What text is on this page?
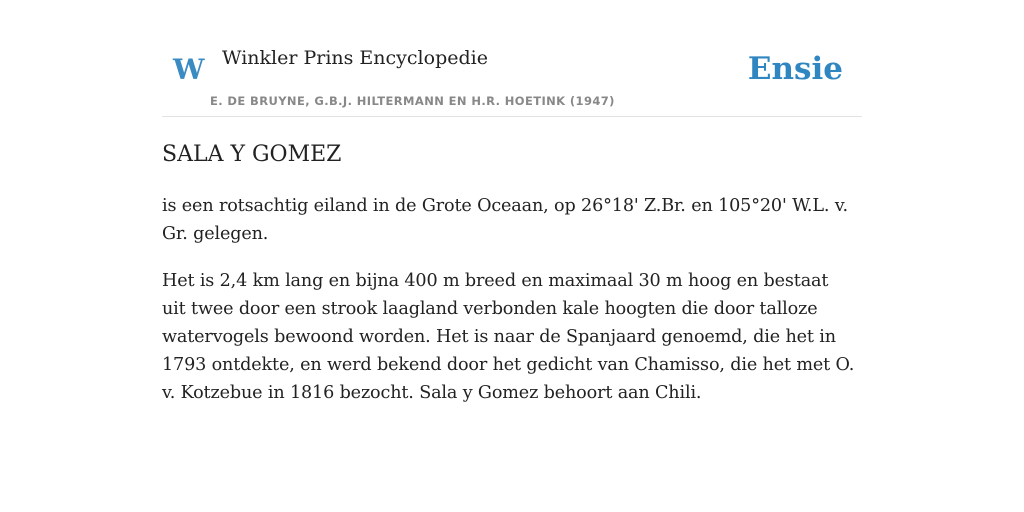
W Winkler Prins Encyclopedie
E. DE BRUYNE, G.B.J. HILTERMANN EN H.R. HOETINK (1947)
Ensie
SALA Y GOMEZ

is een rotsachtig eiland in de Grote Oceaan, op 26°18' Z.Br. en 105°20' W.L. v. Gr. gelegen.

Het is 2,4 km lang en bijna 400 m breed en maximaal 30 m hoog en bestaat uit twee door een strook laagland verbonden kale hoogten die door talloze watervogels bewoond worden. Het is naar de Spanjaard genoemd, die het in 1793 ontdekte, en werd bekend door het gedicht van Chamisso, die het met O. v. Kotzebue in 1816 bezocht. Sala y Gomez behoort aan Chili.
